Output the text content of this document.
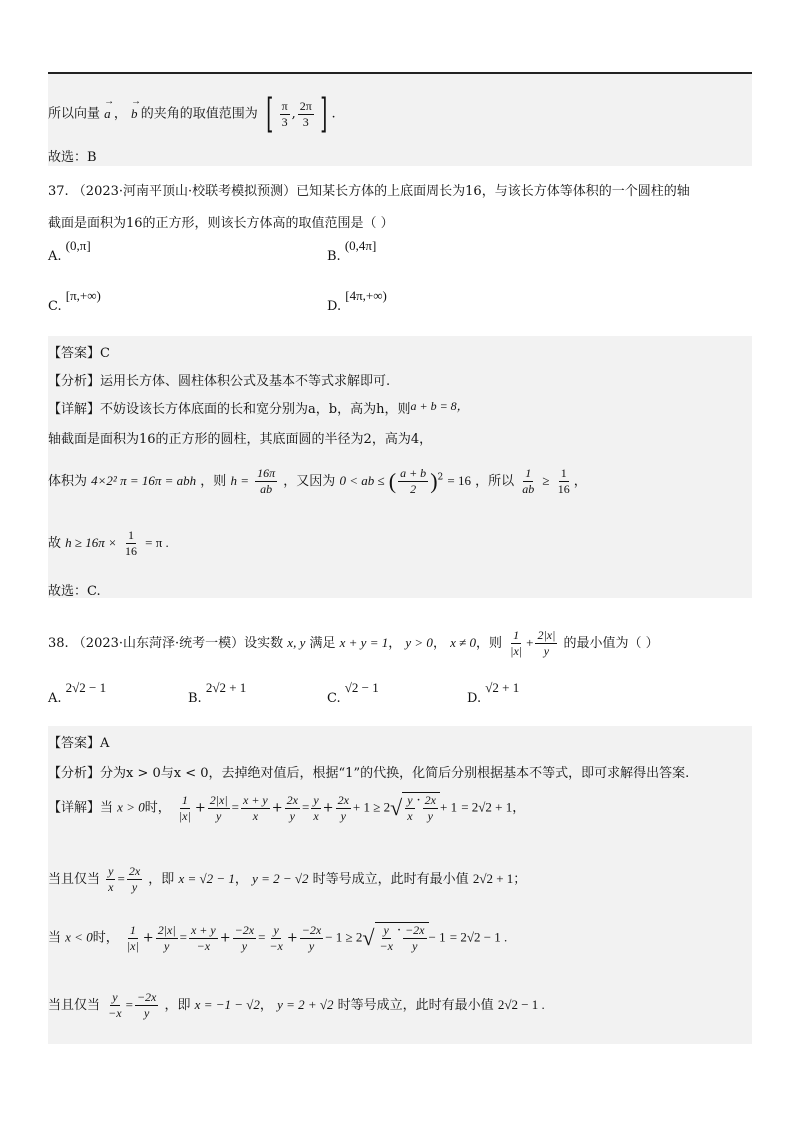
所以向量
→
a ，
→
b 的夹角的取值范围为 [ $\frac{\pi}{3}$ , $\frac{2\pi}{3}$ ] .
故选：B
37. （2023·河南平顶山·校联考模拟预测）已知某长方体的上底面周长为16，与该长方体等体积的一个圆柱的轴
截面是面积为16的正方形，则该长方体高的取值范围是（ ）
A. (0,π]
B. (0,4π]
C. [π,+∞)
D. [4π,+∞)
【答案】C
【分析】运用长方体、圆柱体积公式及基本不等式求解即可.
【详解】不妨设该长方体底面的长和宽分别为a，b，高为h，则a + b = 8，
轴截面是面积为16的正方形的圆柱，其底面圆的半径为2，高为4，
体积为 4×2² π = 16π = abh ，则 $h = \frac{16\pi}{ab}$ ，又因为 0 < ab ≤ ( $\frac{a + b}{2} )^2 = 16$ ，所以 $\frac{1}{ab} \ge \frac{1}{16}$ ，
故 $h \ge 16\pi \times \frac{1}{16} = \pi$ .
故选：C.
38. （2023·山东菏泽·统考一模）设实数 x, y 满足 x + y = 1， y > 0， x ≠ 0，则 $\frac{1}{|x|} + \frac{2|x|}{y}$ 的最小值为（ ）
A. 2√2 − 1
B. 2√2 + 1
C. √2 − 1
D. √2 + 1
【答案】A
【分析】分为x > 0与x < 0，去掉绝对值后，根据“1”的代换，化简后分别根据基本不等式，即可求解得出答案.
【详解】当 x > 0时， $\frac{1}{|x|} + \frac{2|x|}{y} = \frac{x + y}{x} + \frac{2x}{y} = \frac{y}{x} + \frac{2x}{y} + 1 \ge 2√ \frac{y}{x} \cdot \frac{2x}{y} + 1 = 2√2 + 1$，
当且仅当 $\frac{y}{x} = \frac{2x}{y}$ ，即 x = √2 − 1， y = 2 − √2 时等号成立，此时有最小值 2√2 + 1；
当 x < 0时， $\frac{1}{|x|} + \frac{2|x|}{y} = \frac{x + y}{-x} + \frac{-2x}{y} = \frac{y}{-x} + \frac{-2x}{y} - 1 \ge 2√ \frac{y}{-x} \cdot \frac{-2x}{y} - 1 = 2√2 - 1$ .
当且仅当 $\frac{y}{-x} = \frac{-2x}{y}$ ，即 x = −1 − √2， y = 2 + √2 时等号成立，此时有最小值 2√2 − 1 .
